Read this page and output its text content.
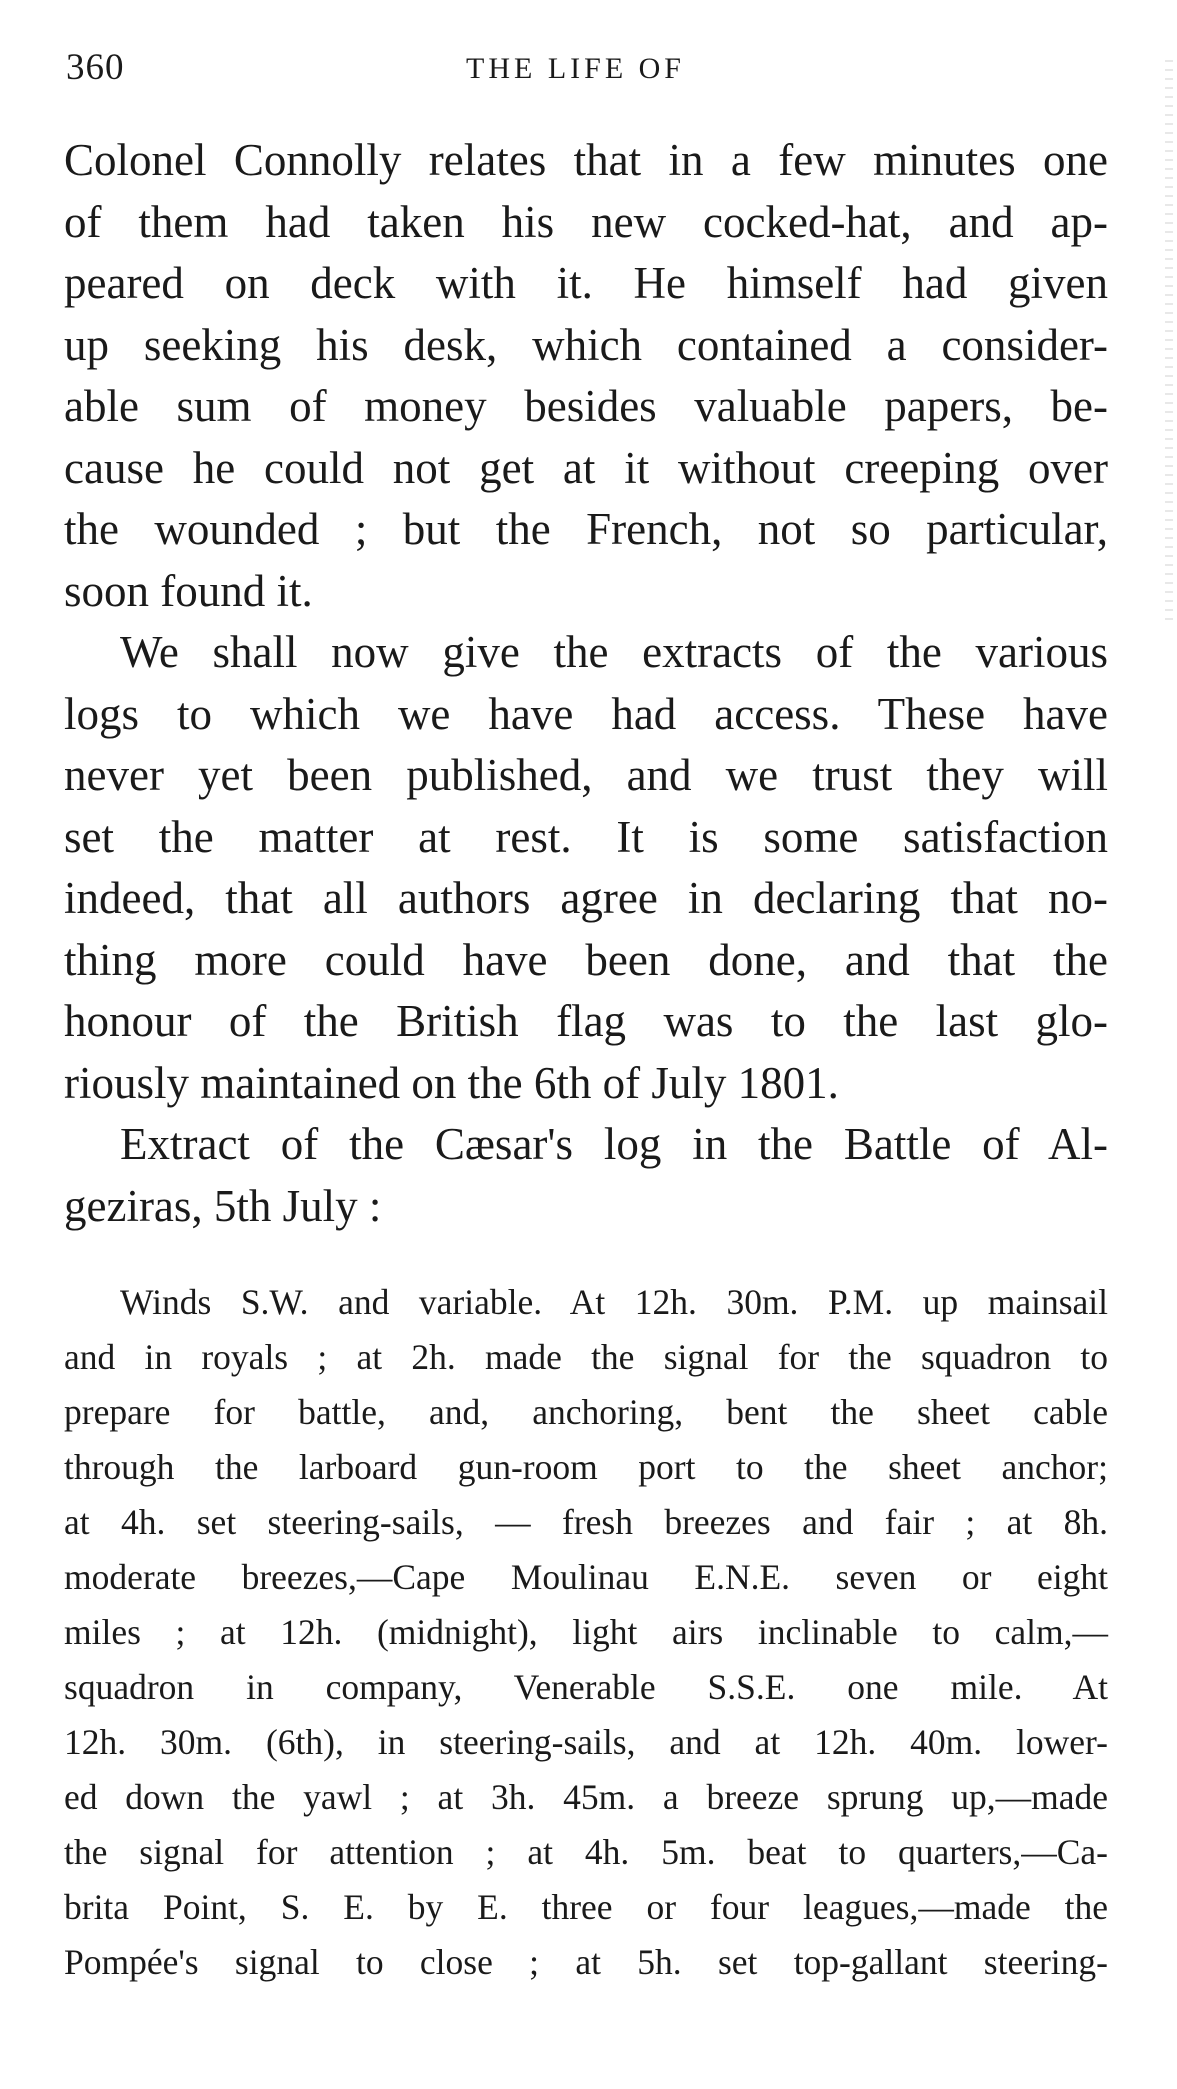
360	THE LIFE OF
Colonel Connolly relates that in a few minutes one
of them had taken his new cocked-hat, and ap-
peared on deck with it. He himself had given
up seeking his desk, which contained a consider-
able sum of money besides valuable papers, be-
cause he could not get at it without creeping over
the wounded ; but the French, not so particular,
soon found it.
We shall now give the extracts of the various
logs to which we have had access. These have
never yet been published, and we trust they will
set the matter at rest. It is some satisfaction
indeed, that all authors agree in declaring that no-
thing more could have been done, and that the
honour of the British flag was to the last glo-
riously maintained on the 6th of July 1801.
Extract of the Cæsar's log in the Battle of Al-
geziras, 5th July :
Winds S.W. and variable. At 12h. 30m. P.M. up mainsail
and in royals ; at 2h. made the signal for the squadron to
prepare for battle, and, anchoring, bent the sheet cable
through the larboard gun-room port to the sheet anchor;
at 4h. set steering-sails, — fresh breezes and fair ; at 8h.
moderate breezes,—Cape Moulinau E.N.E. seven or eight
miles ; at 12h. (midnight), light airs inclinable to calm,—
squadron in company, Venerable S.S.E. one mile. At
12h. 30m. (6th), in steering-sails, and at 12h. 40m. lower-
ed down the yawl ; at 3h. 45m. a breeze sprung up,—made
the signal for attention ; at 4h. 5m. beat to quarters,—Ca-
brita Point, S. E. by E. three or four leagues,—made the
Pompée's signal to close ; at 5h. set top-gallant steering-
